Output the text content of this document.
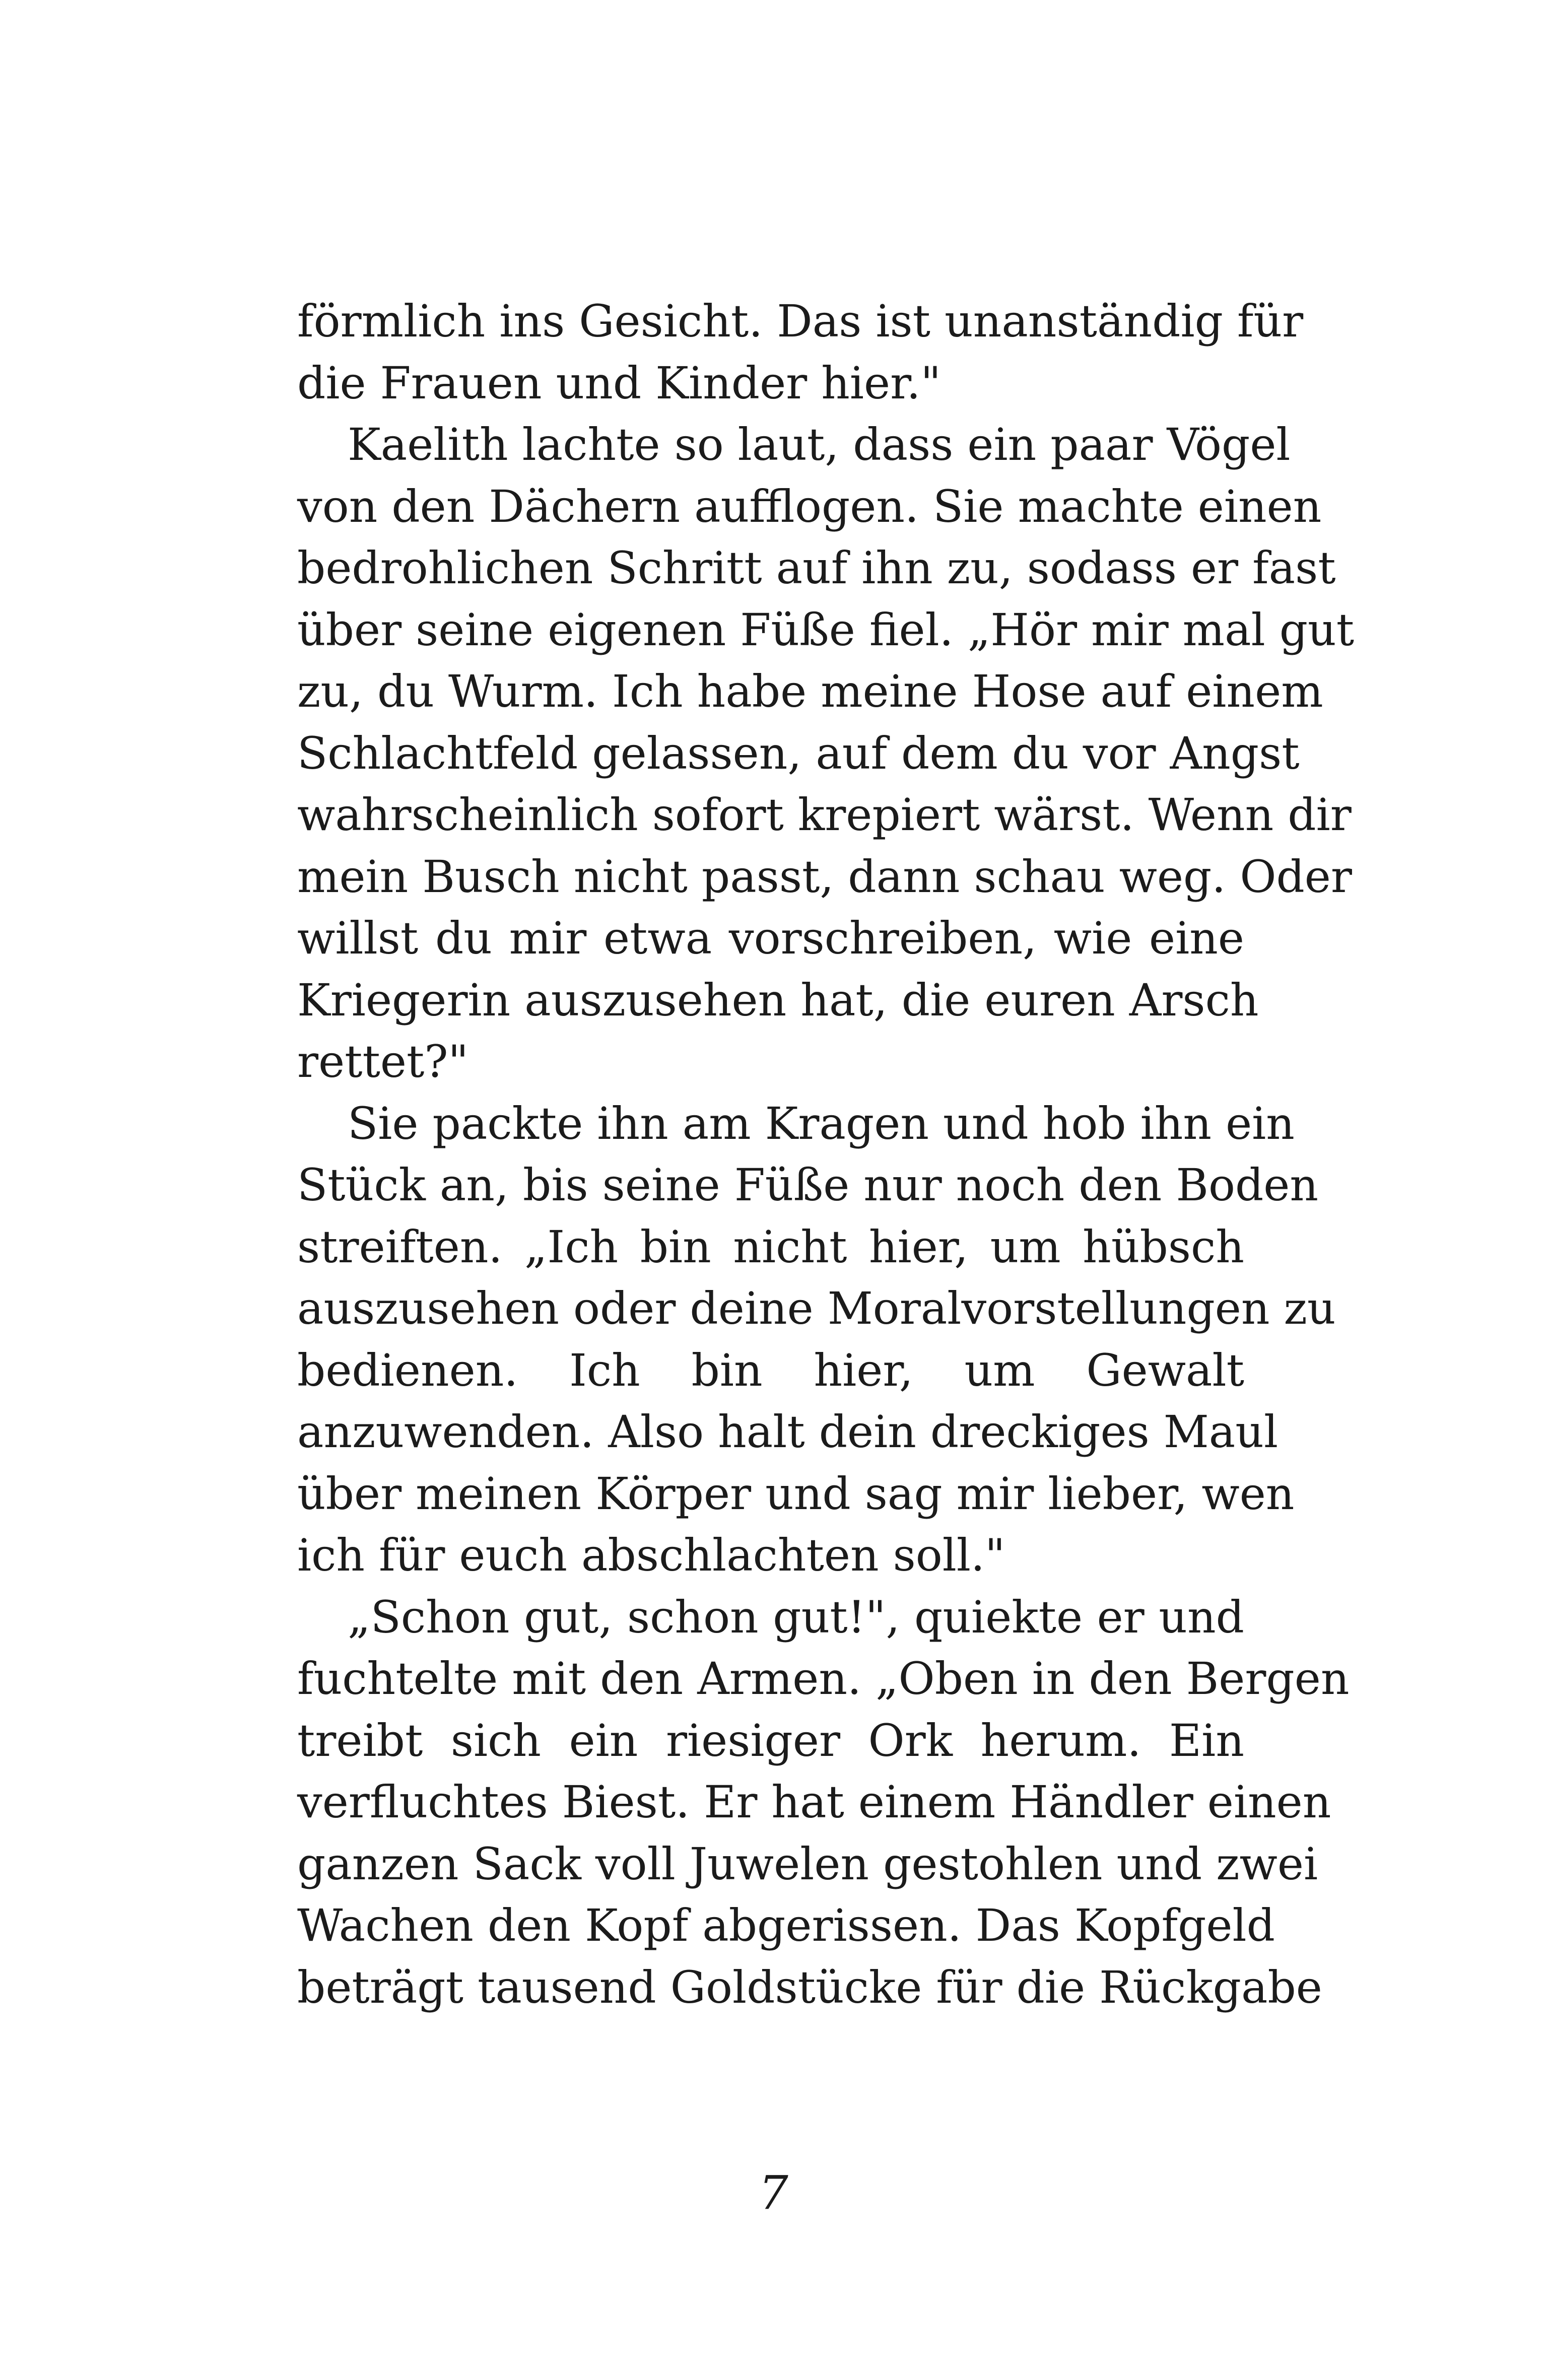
förmlich ins Gesicht. Das ist unanständig für
die Frauen und Kinder hier."
Kaelith lachte so laut, dass ein paar Vögel
von den Dächern aufflogen. Sie machte einen
bedrohlichen Schritt auf ihn zu, sodass er fast
über seine eigenen Füße fiel. „Hör mir mal gut
zu, du Wurm. Ich habe meine Hose auf einem
Schlachtfeld gelassen, auf dem du vor Angst
wahrscheinlich sofort krepiert wärst. Wenn dir
mein Busch nicht passt, dann schau weg. Oder
willst du mir etwa vorschreiben, wie eine
Kriegerin auszusehen hat, die euren Arsch
rettet?"
Sie packte ihn am Kragen und hob ihn ein
Stück an, bis seine Füße nur noch den Boden
streiften. „Ich bin nicht hier, um hübsch
auszusehen oder deine Moralvorstellungen zu
bedienen. Ich bin hier, um Gewalt
anzuwenden. Also halt dein dreckiges Maul
über meinen Körper und sag mir lieber, wen
ich für euch abschlachten soll."
„Schon gut, schon gut!", quiekte er und
fuchtelte mit den Armen. „Oben in den Bergen
treibt sich ein riesiger Ork herum. Ein
verfluchtes Biest. Er hat einem Händler einen
ganzen Sack voll Juwelen gestohlen und zwei
Wachen den Kopf abgerissen. Das Kopfgeld
beträgt tausend Goldstücke für die Rückgabe
7
